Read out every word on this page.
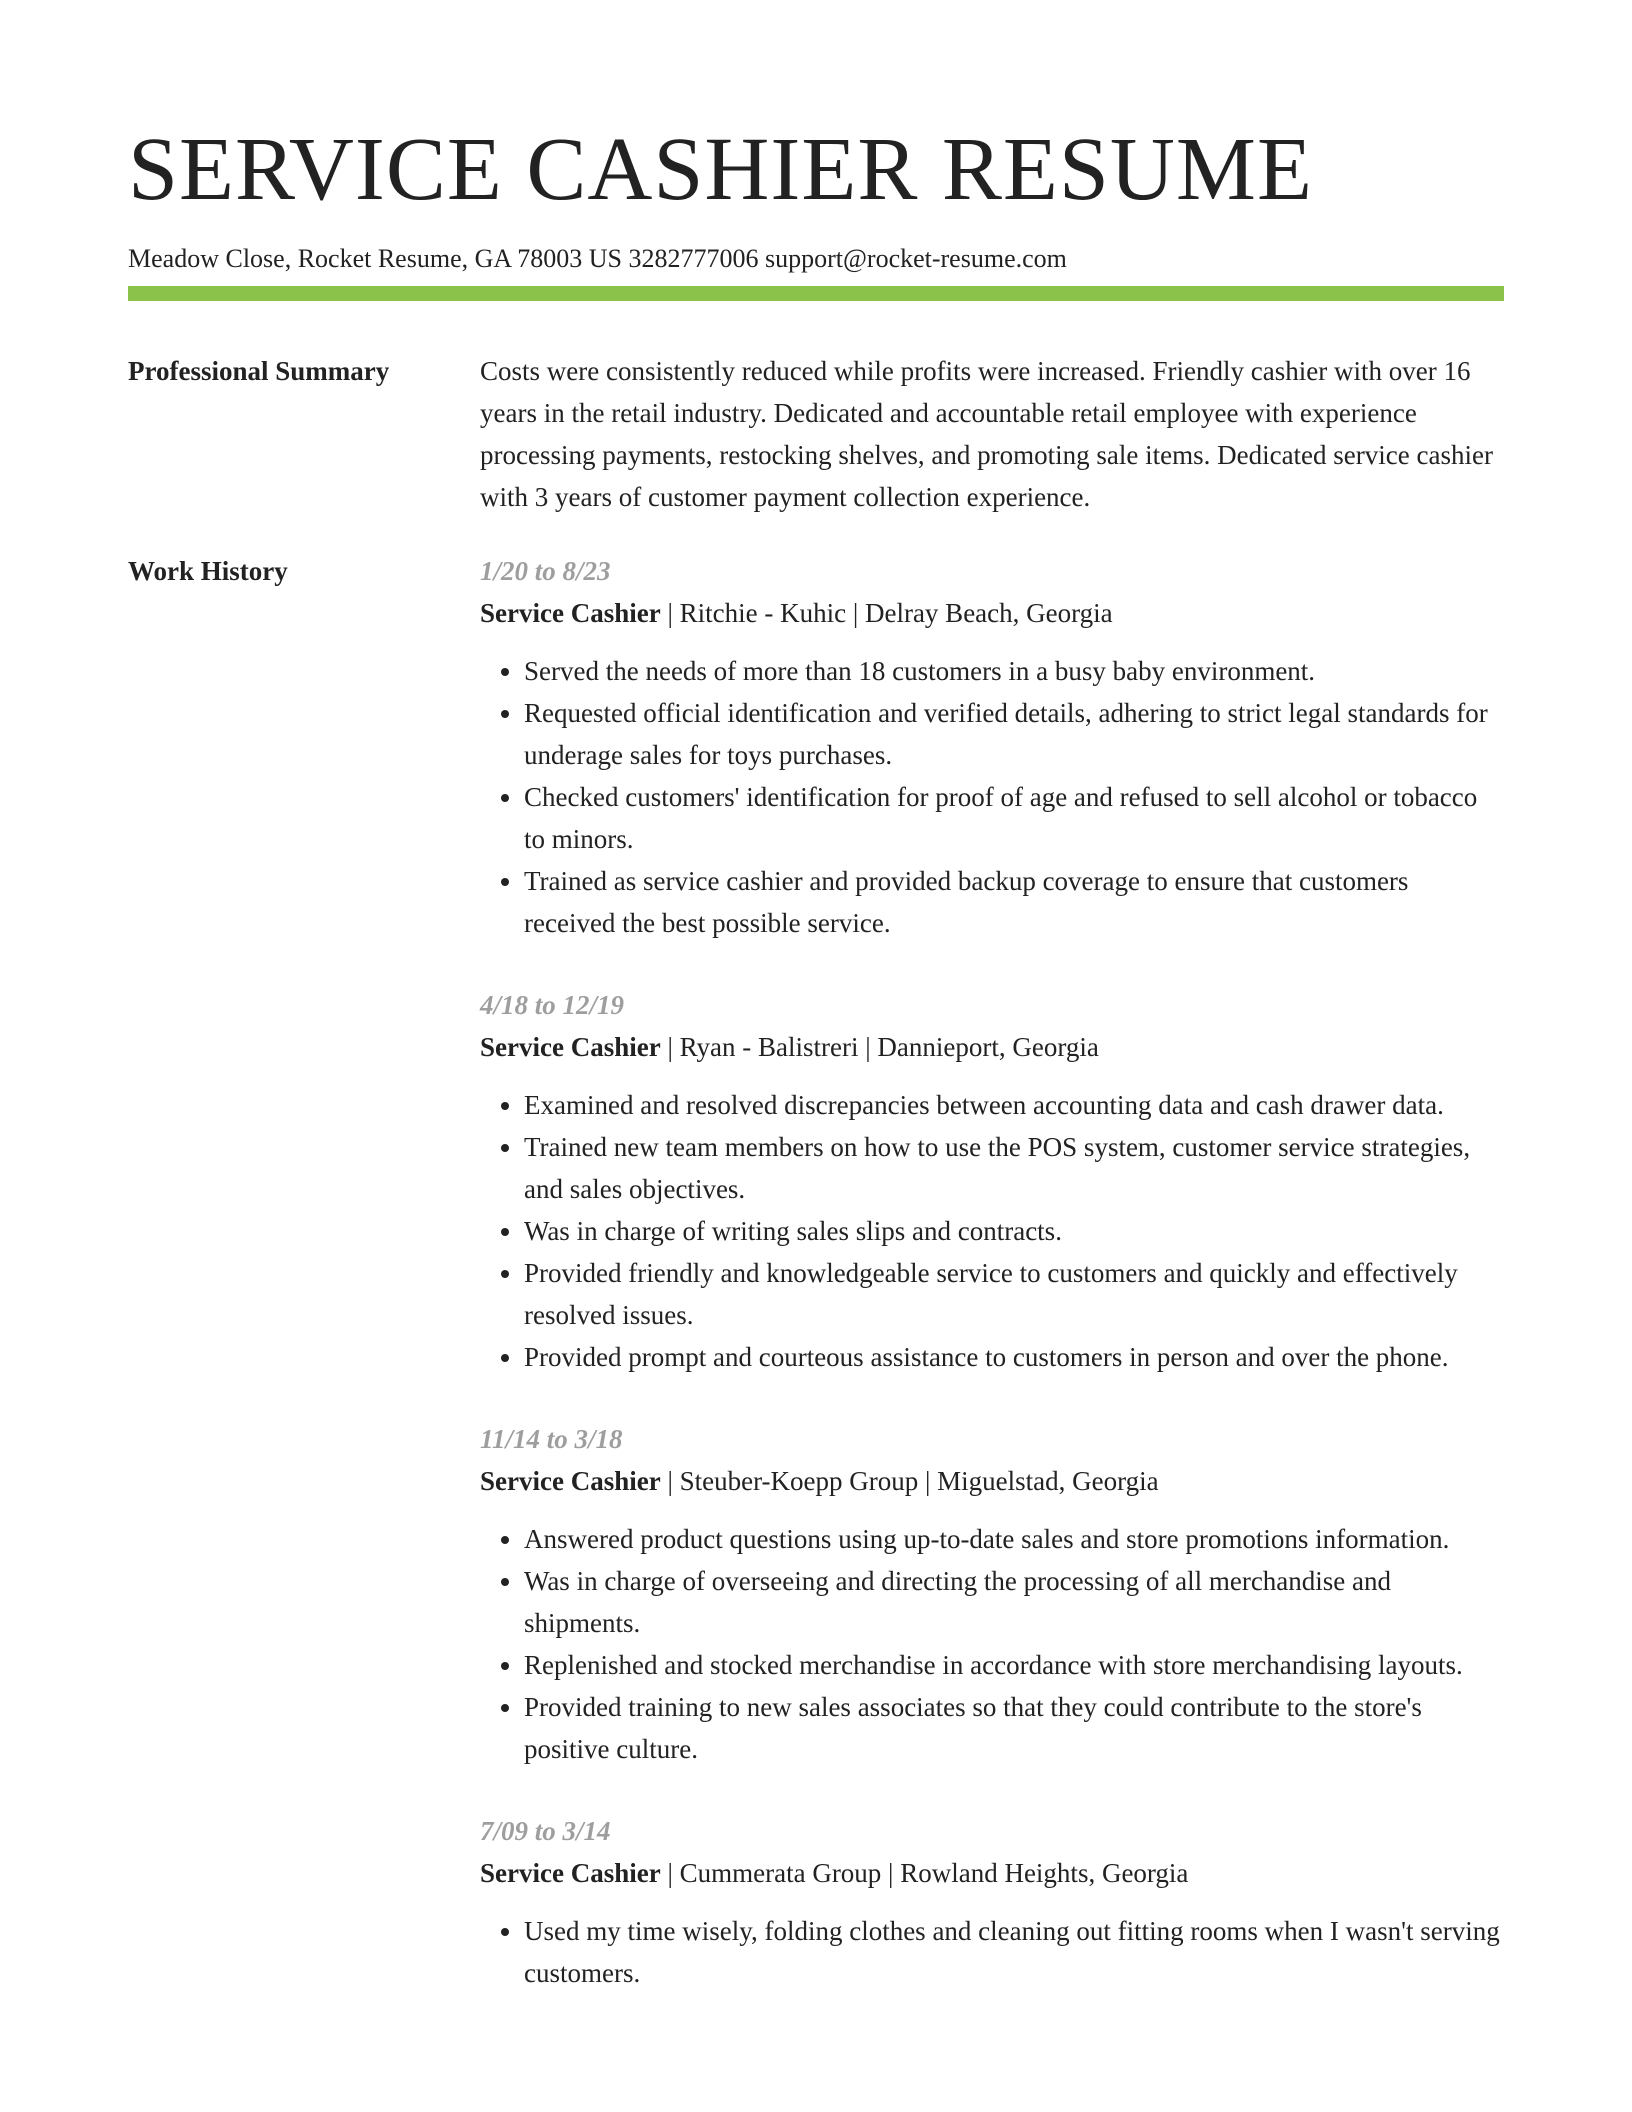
SERVICE CASHIER RESUME
Meadow Close, Rocket Resume, GA 78003 US 3282777006 support@rocket-resume.com
Professional Summary	Costs were consistently reduced while profits were increased. Friendly cashier with over 16 years in the retail industry. Dedicated and accountable retail employee with experience processing payments, restocking shelves, and promoting sale items. Dedicated service cashier with 3 years of customer payment collection experience.

Work History	1/20 to 8/23
Service Cashier | Ritchie - Kuhic | Delray Beach, Georgia
• Served the needs of more than 18 customers in a busy baby environment.
• Requested official identification and verified details, adhering to strict legal standards for underage sales for toys purchases.
• Checked customers' identification for proof of age and refused to sell alcohol or tobacco to minors.
• Trained as service cashier and provided backup coverage to ensure that customers received the best possible service.
4/18 to 12/19
Service Cashier | Ryan - Balistreri | Dannieport, Georgia
• Examined and resolved discrepancies between accounting data and cash drawer data.
• Trained new team members on how to use the POS system, customer service strategies, and sales objectives.
• Was in charge of writing sales slips and contracts.
• Provided friendly and knowledgeable service to customers and quickly and effectively resolved issues.
• Provided prompt and courteous assistance to customers in person and over the phone.
11/14 to 3/18
Service Cashier | Steuber-Koepp Group | Miguelstad, Georgia
• Answered product questions using up-to-date sales and store promotions information.
• Was in charge of overseeing and directing the processing of all merchandise and shipments.
• Replenished and stocked merchandise in accordance with store merchandising layouts.
• Provided training to new sales associates so that they could contribute to the store's positive culture.
7/09 to 3/14
Service Cashier | Cummerata Group | Rowland Heights, Georgia
• Used my time wisely, folding clothes and cleaning out fitting rooms when I wasn't serving customers.
